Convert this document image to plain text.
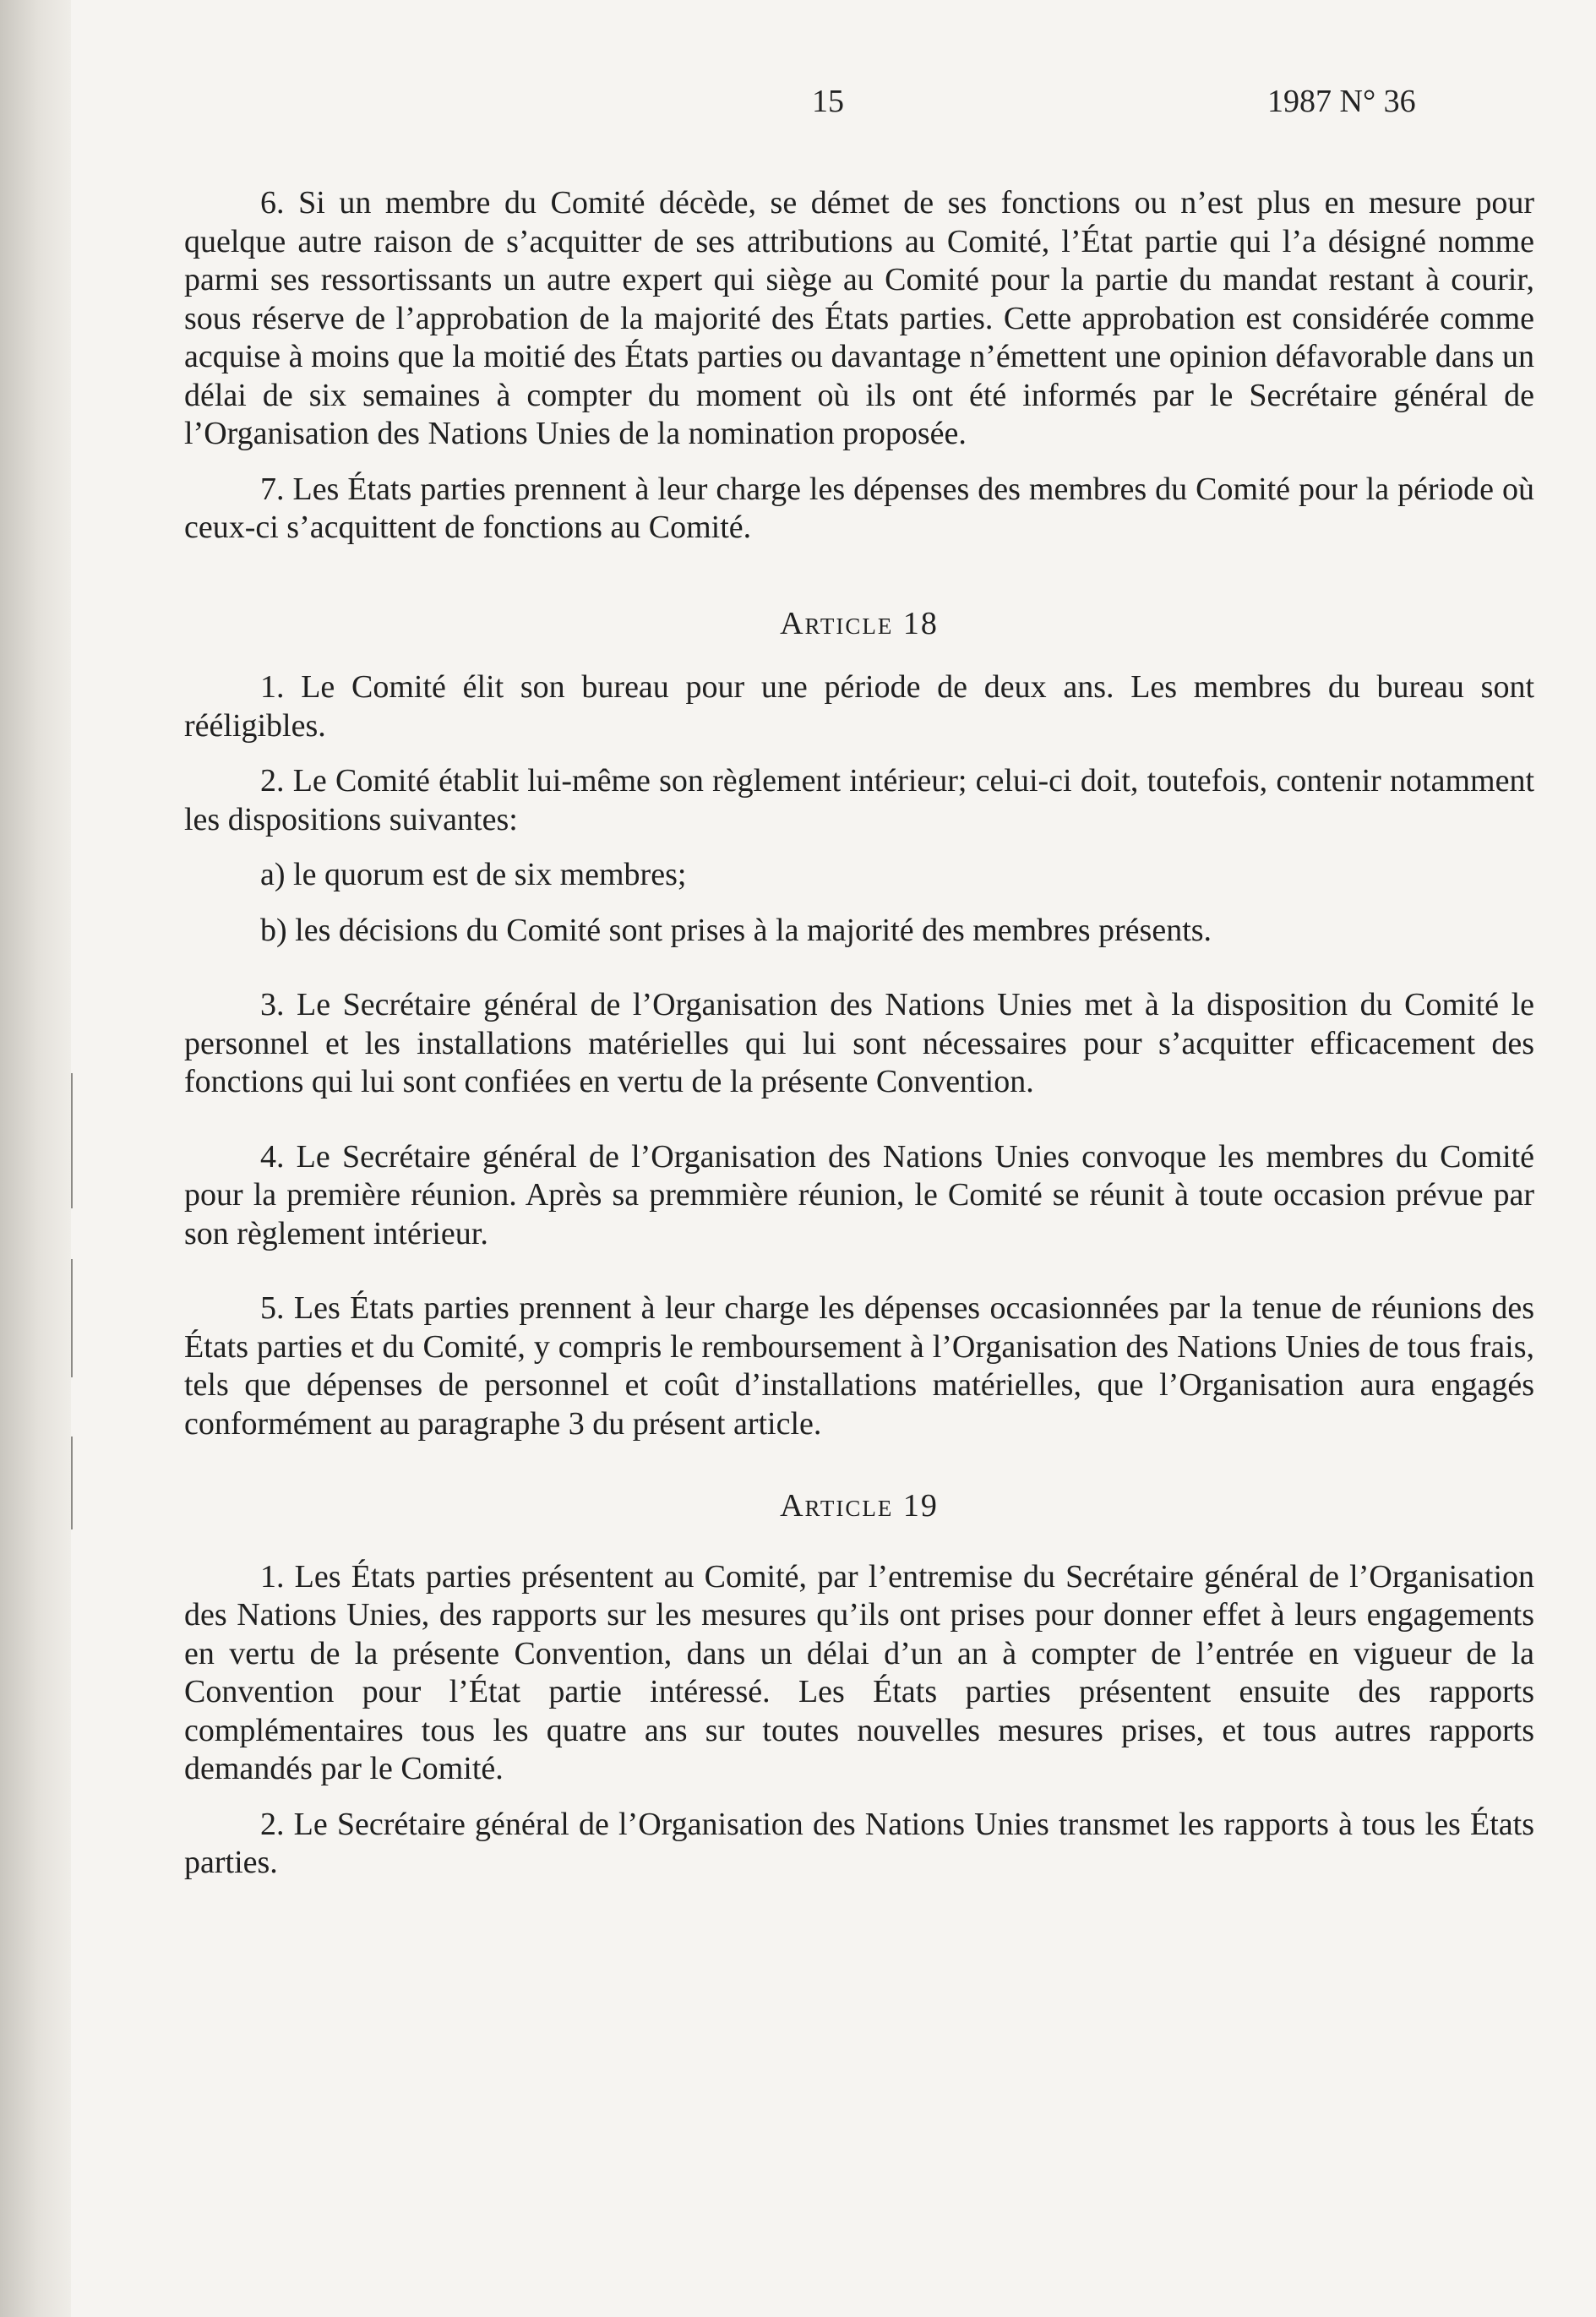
15	1987 N° 36

6. Si un membre du Comité décède, se démet de ses fonctions ou n’est plus en mesure pour quelque autre raison de s’acquitter de ses attributions au Comité, l’État partie qui l’a désigné nomme parmi ses ressortissants un autre expert qui siège au Comité pour la partie du mandat restant à courir, sous réserve de l’approbation de la majorité des États parties. Cette approbation est considérée comme acquise à moins que la moitié des États parties ou davantage n’émettent une opinion défavorable dans un délai de six semaines à compter du moment où ils ont été informés par le Secrétaire général de l’Organisation des Nations Unies de la nomination proposée.

7. Les États parties prennent à leur charge les dépenses des membres du Comité pour la période où ceux-ci s’acquittent de fonctions au Comité.

Article 18

1. Le Comité élit son bureau pour une période de deux ans. Les membres du bureau sont rééligibles.

2. Le Comité établit lui-même son règlement intérieur; celui-ci doit, toutefois, contenir notamment les dispositions suivantes:

a) le quorum est de six membres;

b) les décisions du Comité sont prises à la majorité des membres présents.

3. Le Secrétaire général de l’Organisation des Nations Unies met à la disposition du Comité le personnel et les installations matérielles qui lui sont nécessaires pour s’acquitter efficacement des fonctions qui lui sont confiées en vertu de la présente Convention.

4. Le Secrétaire général de l’Organisation des Nations Unies convoque les membres du Comité pour la première réunion. Après sa premmière réunion, le Comité se réunit à toute occasion prévue par son règlement intérieur.

5. Les États parties prennent à leur charge les dépenses occasionnées par la tenue de réunions des États parties et du Comité, y compris le remboursement à l’Organisation des Nations Unies de tous frais, tels que dépenses de personnel et coût d’installations matérielles, que l’Organisation aura engagés conformément au paragraphe 3 du présent article.

Article 19

1. Les États parties présentent au Comité, par l’entremise du Secrétaire général de l’Organisation des Nations Unies, des rapports sur les mesures qu’ils ont prises pour donner effet à leurs engagements en vertu de la présente Convention, dans un délai d’un an à compter de l’entrée en vigueur de la Convention pour l’État partie intéressé. Les États parties présentent ensuite des rapports complémentaires tous les quatre ans sur toutes nouvelles mesures prises, et tous autres rapports demandés par le Comité.

2. Le Secrétaire général de l’Organisation des Nations Unies transmet les rapports à tous les États parties.
